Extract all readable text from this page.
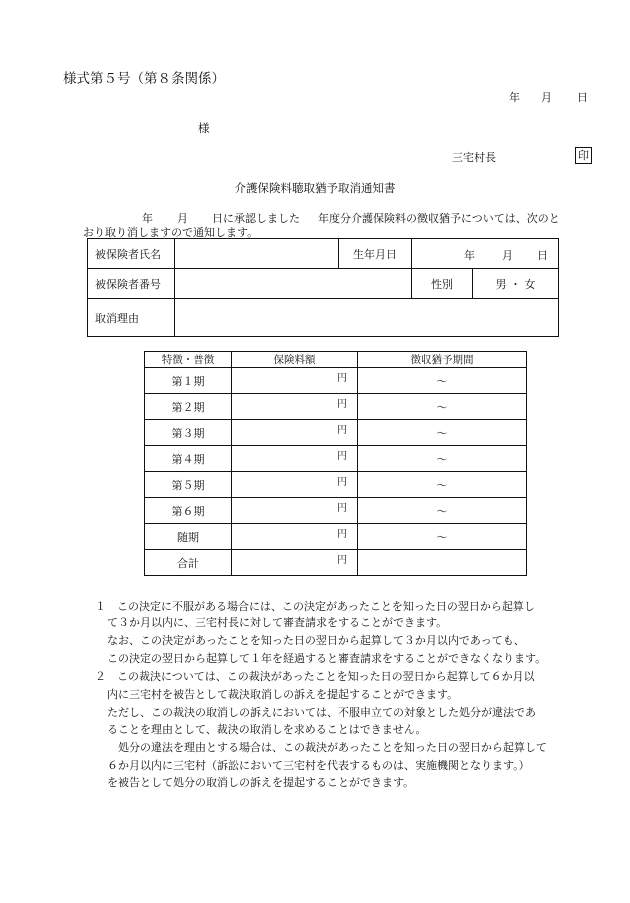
様式第５号（第８条関係）
年 月 日
様
三宅村長	印
介護保険料聴取猶予取消通知書
年 月 日に承認しました 年度分介護保険料の徴収猶予については、次のと
おり取り消しますので通知します。
被保険者氏名		生年月日	年 月 日	

被保険者番号			性別	男 ・ 女
取消理由				
特徴・普徴	保険料額	徴収猶予期間
第１期	円	〜
第２期	円	〜
第３期	円	〜
第４期	円	〜
第５期	円	〜
第６期	円	〜
随期	円	〜
合計	円	
１　この決定に不服がある場合には、この決定があったことを知った日の翌日から起算し
て３か月以内に、三宅村長に対して審査請求をすることができます。
なお、この決定があったことを知った日の翌日から起算して３か月以内であっても、
この決定の翌日から起算して１年を経過すると審査請求をすることができなくなります。
２　この裁決については、この裁決があったことを知った日の翌日から起算して６か月以
内に三宅村を被告として裁決取消しの訴えを提起することができます。
ただし、この裁決の取消しの訴えにおいては、不服申立ての対象とした処分が違法であ
ることを理由として、裁決の取消しを求めることはできません。
処分の違法を理由とする場合は、この裁決があったことを知った日の翌日から起算して
６か月以内に三宅村（訴訟において三宅村を代表するものは、実施機関となります。）
を被告として処分の取消しの訴えを提起することができます。
